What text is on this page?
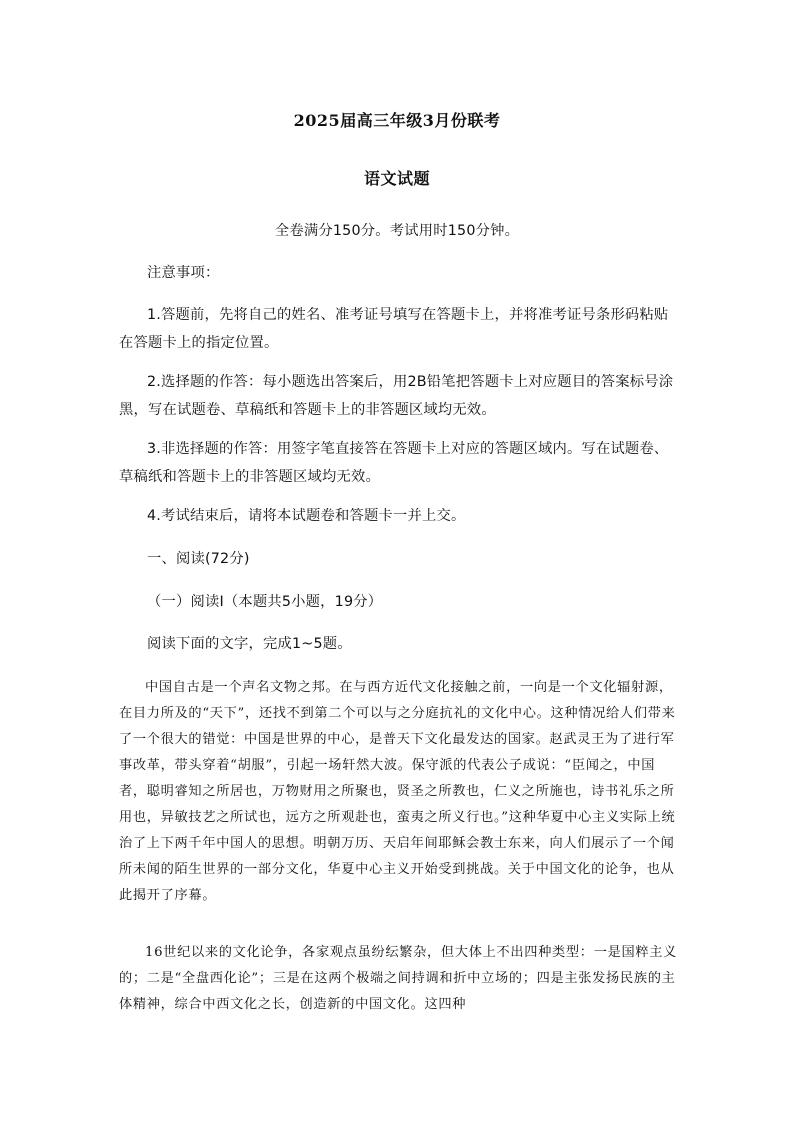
2025届高三年级3月份联考
语文试题
全卷满分150分。考试用时150分钟。
注意事项：
1.答题前，先将自己的姓名、准考证号填写在答题卡上，并将准考证号条形码粘贴在答题卡上的指定位置。
2.选择题的作答：每小题选出答案后，用2B铅笔把答题卡上对应题目的答案标号涂黑，写在试题卷、草稿纸和答题卡上的非答题区域均无效。
3.非选择题的作答：用签字笔直接答在答题卡上对应的答题区域内。写在试题卷、草稿纸和答题卡上的非答题区域均无效。
4.考试结束后，请将本试题卷和答题卡一并上交。
一、阅读(72分)
（一）阅读Ⅰ（本题共5小题，19分）
阅读下面的文字，完成1~5题。
中国自古是一个声名文物之邦。在与西方近代文化接触之前，一向是一个文化辐射源，在目力所及的“天下”，还找不到第二个可以与之分庭抗礼的文化中心。这种情况给人们带来了一个很大的错觉：中国是世界的中心，是普天下文化最发达的国家。赵武灵王为了进行军事改革，带头穿着“胡服”，引起一场轩然大波。保守派的代表公子成说：“臣闻之，中国者，聪明睿知之所居也，万物财用之所聚也，贤圣之所教也，仁义之所施也，诗书礼乐之所用也，异敏技艺之所试也，远方之所观赴也，蛮夷之所义行也。”这种华夏中心主义实际上统治了上下两千年中国人的思想。明朝万历、天启年间耶稣会教士东来，向人们展示了一个闻所未闻的陌生世界的一部分文化，华夏中心主义开始受到挑战。关于中国文化的论争，也从此揭开了序幕。
16世纪以来的文化论争，各家观点虽纷纭繁杂，但大体上不出四种类型：一是国粹主义的；二是“全盘西化论”；三是在这两个极端之间持调和折中立场的；四是主张发扬民族的主体精神，综合中西文化之长，创造新的中国文化。这四种
